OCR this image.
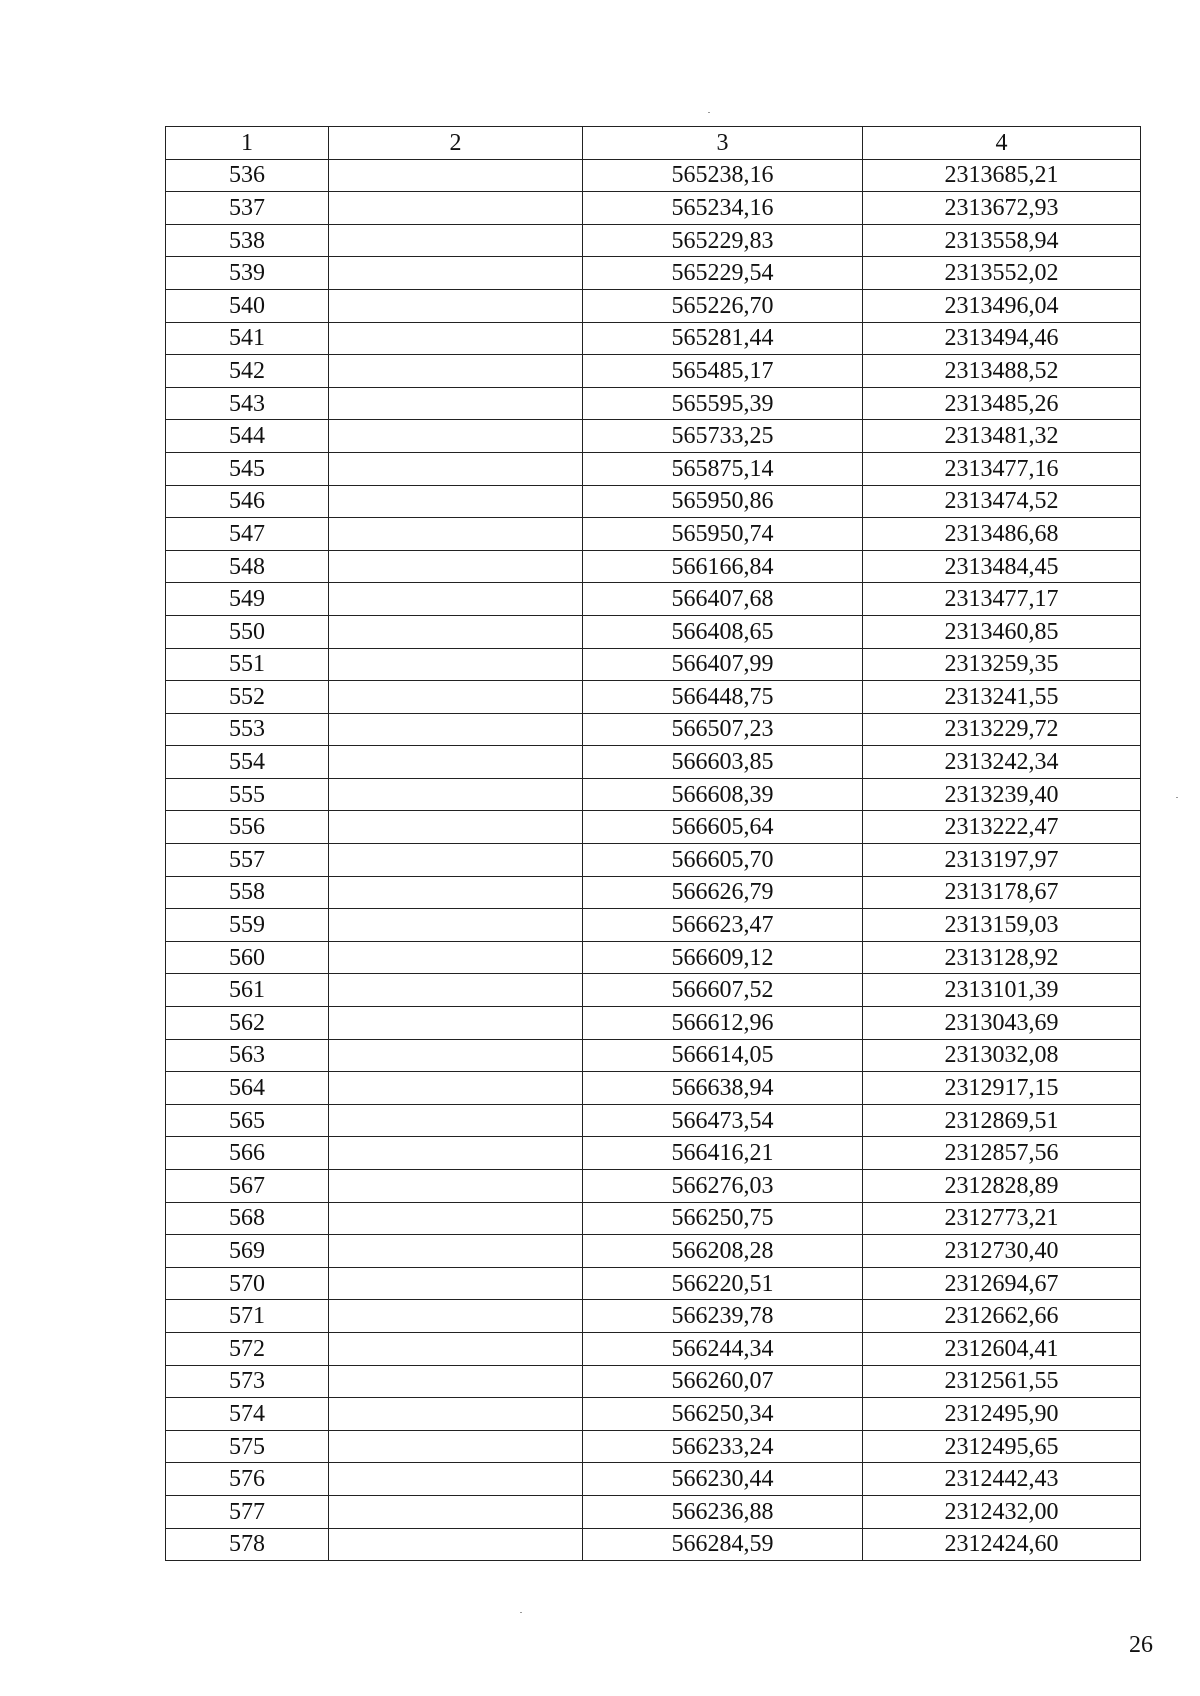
1	2	3	4
536		565238,16	2313685,21
537		565234,16	2313672,93
538		565229,83	2313558,94
539		565229,54	2313552,02
540		565226,70	2313496,04
541		565281,44	2313494,46
542		565485,17	2313488,52
543		565595,39	2313485,26
544		565733,25	2313481,32
545		565875,14	2313477,16
546		565950,86	2313474,52
547		565950,74	2313486,68
548		566166,84	2313484,45
549		566407,68	2313477,17
550		566408,65	2313460,85
551		566407,99	2313259,35
552		566448,75	2313241,55
553		566507,23	2313229,72
554		566603,85	2313242,34
555		566608,39	2313239,40
556		566605,64	2313222,47
557		566605,70	2313197,97
558		566626,79	2313178,67
559		566623,47	2313159,03
560		566609,12	2313128,92
561		566607,52	2313101,39
562		566612,96	2313043,69
563		566614,05	2313032,08
564		566638,94	2312917,15
565		566473,54	2312869,51
566		566416,21	2312857,56
567		566276,03	2312828,89
568		566250,75	2312773,21
569		566208,28	2312730,40
570		566220,51	2312694,67
571		566239,78	2312662,66
572		566244,34	2312604,41
573		566260,07	2312561,55
574		566250,34	2312495,90
575		566233,24	2312495,65
576		566230,44	2312442,43
577		566236,88	2312432,00
578		566284,59	2312424,60
26
